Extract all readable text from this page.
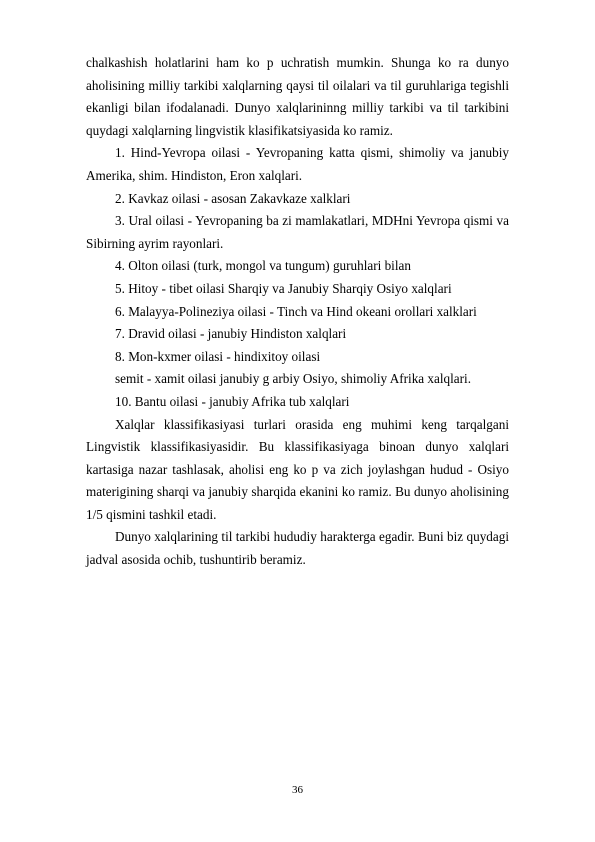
chalkashish holatlarini ham ko p uchratish mumkin. Shunga ko ra dunyo aholisining milliy tarkibi xalqlarning qaysi til oilalari va til guruhlariga tegishli ekanligi bilan ifodalanadi. Dunyo xalqlarininng milliy tarkibi va til tarkibini quydagi xalqlarning lingvistik klasifikatsiyasida ko ramiz.

1. Hind-Yevropa oilasi - Yevropaning katta qismi, shimoliy va janubiy Amerika, shim. Hindiston, Eron xalqlari.

2. Kavkaz oilasi - asosan Zakavkaze xalklari

3. Ural oilasi - Yevropaning ba zi mamlakatlari, MDHni Yevropa qismi va Sibirning ayrim rayonlari.

4. Olton oilasi (turk, mongol va tungum) guruhlari bilan

5. Hitoy - tibet oilasi Sharqiy va Janubiy Sharqiy Osiyo xalqlari

6. Malayya-Polineziya oilasi - Tinch va Hind okeani orollari xalklari

7. Dravid oilasi - janubiy Hindiston xalqlari

8. Mon-kxmer oilasi - hindixitoy oilasi

semit - xamit oilasi janubiy g arbiy Osiyo, shimoliy Afrika xalqlari.

10. Bantu oilasi - janubiy Afrika tub xalqlari

Xalqlar klassifikasiyasi turlari orasida eng muhimi keng tarqalgani Lingvistik klassifikasiyasidir. Bu klassifikasiyaga binoan dunyo xalqlari kartasiga nazar tashlasak, aholisi eng ko p va zich joylashgan hudud - Osiyo materigining sharqi va janubiy sharqida ekanini ko ramiz. Bu dunyo aholisining 1/5 qismini tashkil etadi.

Dunyo xalqlarining til tarkibi hududiy harakterga egadir. Buni biz quydagi jadval asosida ochib, tushuntirib beramiz.

36
